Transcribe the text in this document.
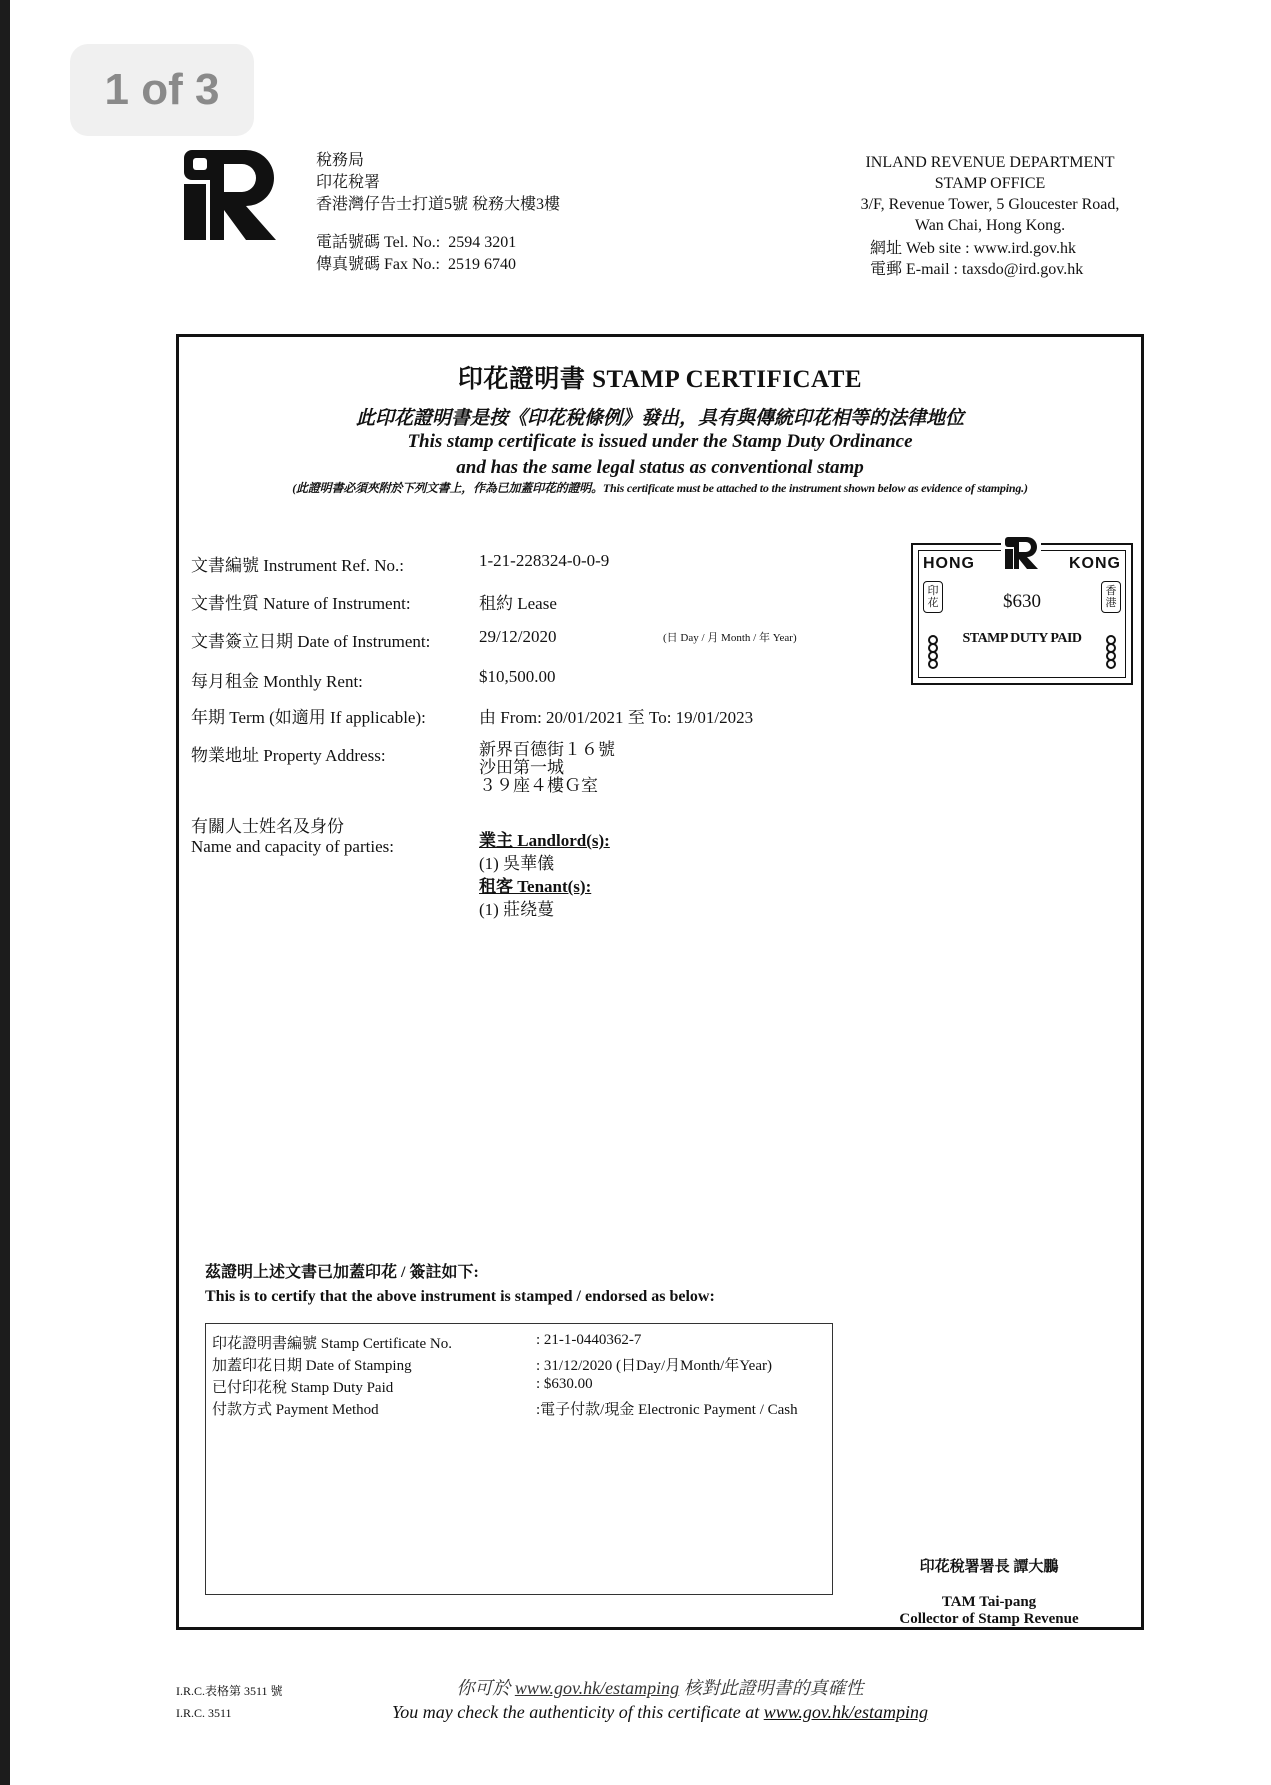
1 of 3
稅務局
印花稅署
香港灣仔告士打道5號 稅務大樓3樓
電話號碼 Tel. No.: 2594 3201
傳真號碼 Fax No.: 2519 6740
INLAND REVENUE DEPARTMENT
STAMP OFFICE
3/F, Revenue Tower, 5 Gloucester Road,
Wan Chai, Hong Kong.
網址 Web site : www.ird.gov.hk
電郵 E-mail : taxsdo@ird.gov.hk
印花證明書 STAMP CERTIFICATE
此印花證明書是按《印花稅條例》發出，具有與傳統印花相等的法律地位
This stamp certificate is issued under the Stamp Duty Ordinance
and has the same legal status as conventional stamp
(此證明書必須夾附於下列文書上，作為已加蓋印花的證明。This certificate must be attached to the instrument shown below as evidence of stamping.)
文書編號 Instrument Ref. No.:	1-21-228324-0-0-9
文書性質 Nature of Instrument:	租約 Lease
文書簽立日期 Date of Instrument:	29/12/2020	(日 Day / 月 Month / 年 Year)
每月租金 Monthly Rent:	$10,500.00
年期 Term (如適用 If applicable):	由 From: 20/01/2021 至 To: 19/01/2023
物業地址 Property Address:	新界百德街１６號
沙田第一城
３９座４樓Ｇ室
有關人士姓名及身份
Name and capacity of parties:	業主 Landlord(s):
(1) 吳華儀
租客 Tenant(s):
(1) 莊绕蔓
HONG	KONG
印花
香港
$630
STAMP DUTY PAID
茲證明上述文書已加蓋印花 / 簽註如下:
This is to certify that the above instrument is stamped / endorsed as below:
印花證明書編號 Stamp Certificate No.	: 21-1-0440362-7
加蓋印花日期 Date of Stamping	: 31/12/2020 (日Day/月Month/年Year)
已付印花稅 Stamp Duty Paid	: $630.00
付款方式 Payment Method	:電子付款/現金 Electronic Payment / Cash
印花稅署署長 譚大鵬
TAM Tai-pang
Collector of Stamp Revenue
I.R.C.表格第 3511 號
I.R.C. 3511
你可於 www.gov.hk/estamping 核對此證明書的真確性
You may check the authenticity of this certificate at www.gov.hk/estamping
